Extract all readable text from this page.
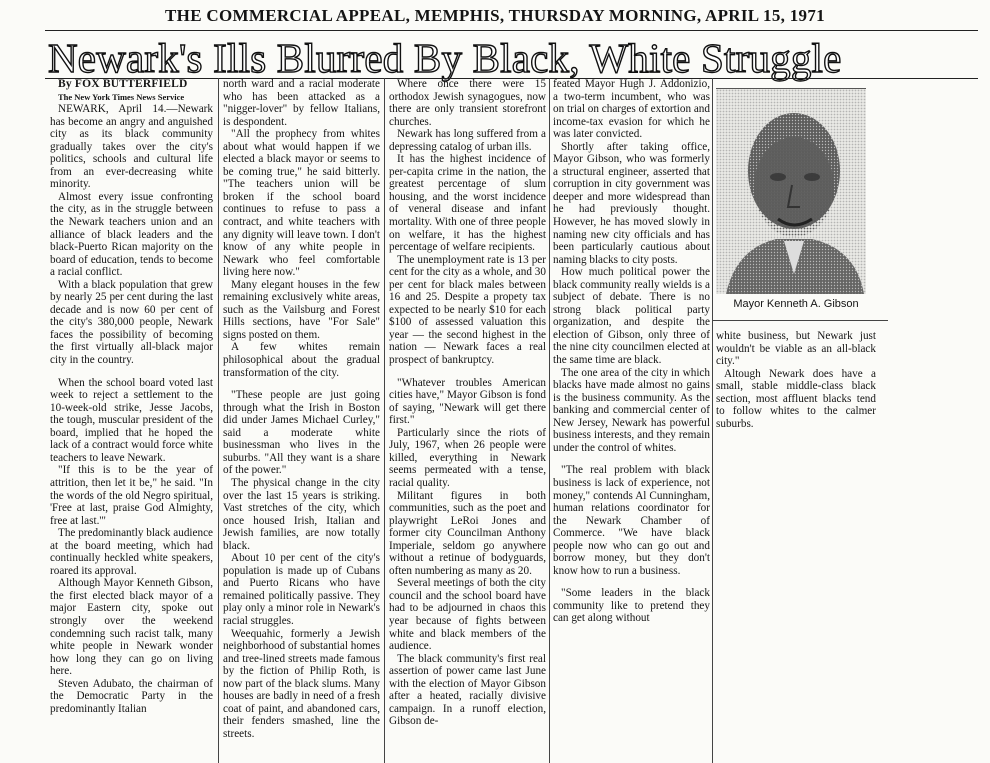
THE COMMERCIAL APPEAL, MEMPHIS, THURSDAY MORNING, APRIL 15, 1971
Newark's Ills Blurred By Black, White Struggle

By FOX BUTTERFIELD

The New York Times News Service

NEWARK, April 14.—Newark has become an angry and anguished city as its black community gradually takes over the city's politics, schools and cultural life from an ever-decreasing white minority.

Almost every issue confronting the city, as in the struggle between the Newark teachers union and an alliance of black leaders and the black-Puerto Rican majority on the board of education, tends to become a racial conflict.

With a black population that grew by nearly 25 per cent during the last decade and is now 60 per cent of the city's 380,000 people, Newark faces the possibility of becoming the first virtually all-black major city in the country.

When the school board voted last week to reject a settlement to the 10-week-old strike, Jesse Jacobs, the tough, muscular president of the board, implied that he hoped the lack of a contract would force white teachers to leave Newark.

"If this is to be the year of attrition, then let it be," he said. "In the words of the old Negro spiritual, 'Free at last, praise God Almighty, free at last.'"

The predominantly black audience at the board meeting, which had continually heckled white speakers, roared its approval.

Although Mayor Kenneth Gibson, the first elected black mayor of a major Eastern city, spoke out strongly over the weekend condemning such racist talk, many white people in Newark wonder how long they can go on living here.

Steven Adubato, the chairman of the Democratic Party in the predominantly Italian

north ward and a racial moderate who has been attacked as a "nigger-lover" by fellow Italians, is despondent.

"All the prophecy from whites about what would happen if we elected a black mayor or seems to be coming true," he said bitterly. "The teachers union will be broken if the school board continues to refuse to pass a contract, and white teachers with any dignity will leave town. I don't know of any white people in Newark who feel comfortable living here now."

Many elegant houses in the few remaining exclusively white areas, such as the Vailsburg and Forest Hills sections, have "For Sale" signs posted on them.

A few whites remain philosophical about the gradual transformation of the city.

"These people are just going through what the Irish in Boston did under James Michael Curley," said a moderate white businessman who lives in the suburbs. "All they want is a share of the power."

The physical change in the city over the last 15 years is striking. Vast stretches of the city, which once housed Irish, Italian and Jewish families, are now totally black.

About 10 per cent of the city's population is made up of Cubans and Puerto Ricans who have remained politically passive. They play only a minor role in Newark's racial struggles.

Weequahic, formerly a Jewish neighborhood of substantial homes and tree-lined streets made famous by the fiction of Philip Roth, is now part of the black slums. Many houses are badly in need of a fresh coat of paint, and abandoned cars, their fenders smashed, line the streets.

Where once there were 15 orthodox Jewish synagogues, now there are only transient storefront churches.

Newark has long suffered from a depressing catalog of urban ills.

It has the highest incidence of per-capita crime in the nation, the greatest percentage of slum housing, and the worst incidence of veneral disease and infant mortality. With one of three people on welfare, it has the highest percentage of welfare recipients.

The unemployment rate is 13 per cent for the city as a whole, and 30 per cent for black males between 16 and 25. Despite a propety tax expected to be nearly $10 for each $100 of assessed valuation this year — the second highest in the nation — Newark faces a real prospect of bankruptcy.

"Whatever troubles American cities have," Mayor Gibson is fond of saying, "Newark will get there first."

Particularly since the riots of July, 1967, when 26 people were killed, everything in Newark seems permeated with a tense, racial quality.

Militant figures in both communities, such as the poet and playwright LeRoi Jones and former city Councilman Anthony Imperiale, seldom go anywhere without a retinue of bodyguards, often numbering as many as 20.

Several meetings of both the city council and the school board have had to be adjourned in chaos this year because of fights between white and black members of the audience.

The black community's first real assertion of power came last June with the election of Mayor Gibson after a heated, racially divisive campaign. In a runoff election, Gibson de-

feated Mayor Hugh J. Addonizio, a two-term incumbent, who was on trial on charges of extortion and income-tax evasion for which he was later convicted.

Shortly after taking office, Mayor Gibson, who was formerly a structural engineer, asserted that corruption in city government was deeper and more widespread than he had previously thought. However, he has moved slowly in naming new city officials and has been particularly cautious about naming blacks to city posts.

How much political power the black community really wields is a subject of debate. There is no strong black political party organization, and despite the election of Gibson, only three of the nine city councilmen elected at the same time are black.

The one area of the city in which blacks have made almost no gains is the business community. As the banking and commercial center of New Jersey, Newark has powerful business interests, and they remain under the control of whites.

"The real problem with black business is lack of experience, not money," contends Al Cunningham, human relations coordinator for the Newark Chamber of Commerce. "We have black people now who can go out and borrow money, but they don't know how to run a business.

"Some leaders in the black community like to pretend they can get along without

Mayor Kenneth A. Gibson

white business, but Newark just wouldn't be viable as an all-black city."

Altough Newark does have a small, stable middle-class black section, most affluent blacks tend to follow whites to the calmer suburbs.
